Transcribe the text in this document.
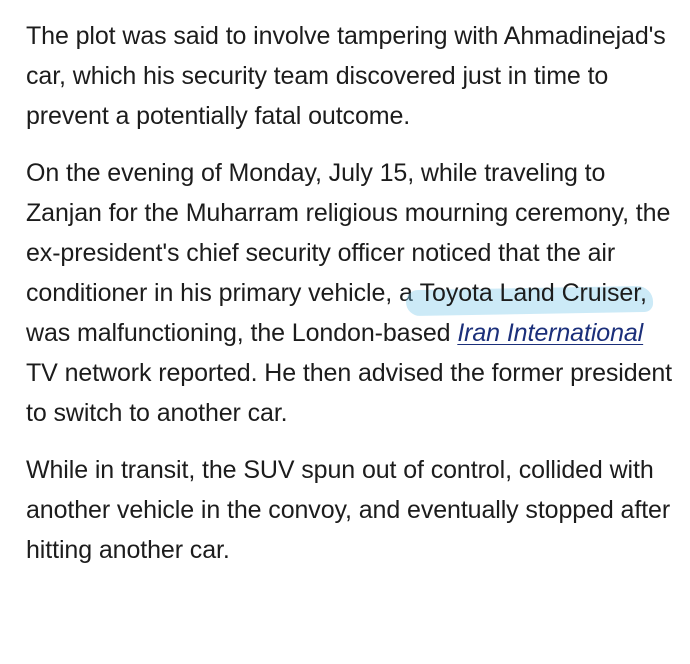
The plot was said to involve tampering with Ahmadinejad's car, which his security team discovered just in time to prevent a potentially fatal outcome.

On the evening of Monday, July 15, while traveling to Zanjan for the Muharram religious mourning ceremony, the ex-president's chief security officer noticed that the air conditioner in his primary vehicle, a
Toyota Land Cruiser, was malfunctioning, the London-based Iran International TV network reported. He then advised the former president to switch to another car.

While in transit, the SUV spun out of control, collided with another vehicle in the convoy, and eventually stopped after hitting another car.
